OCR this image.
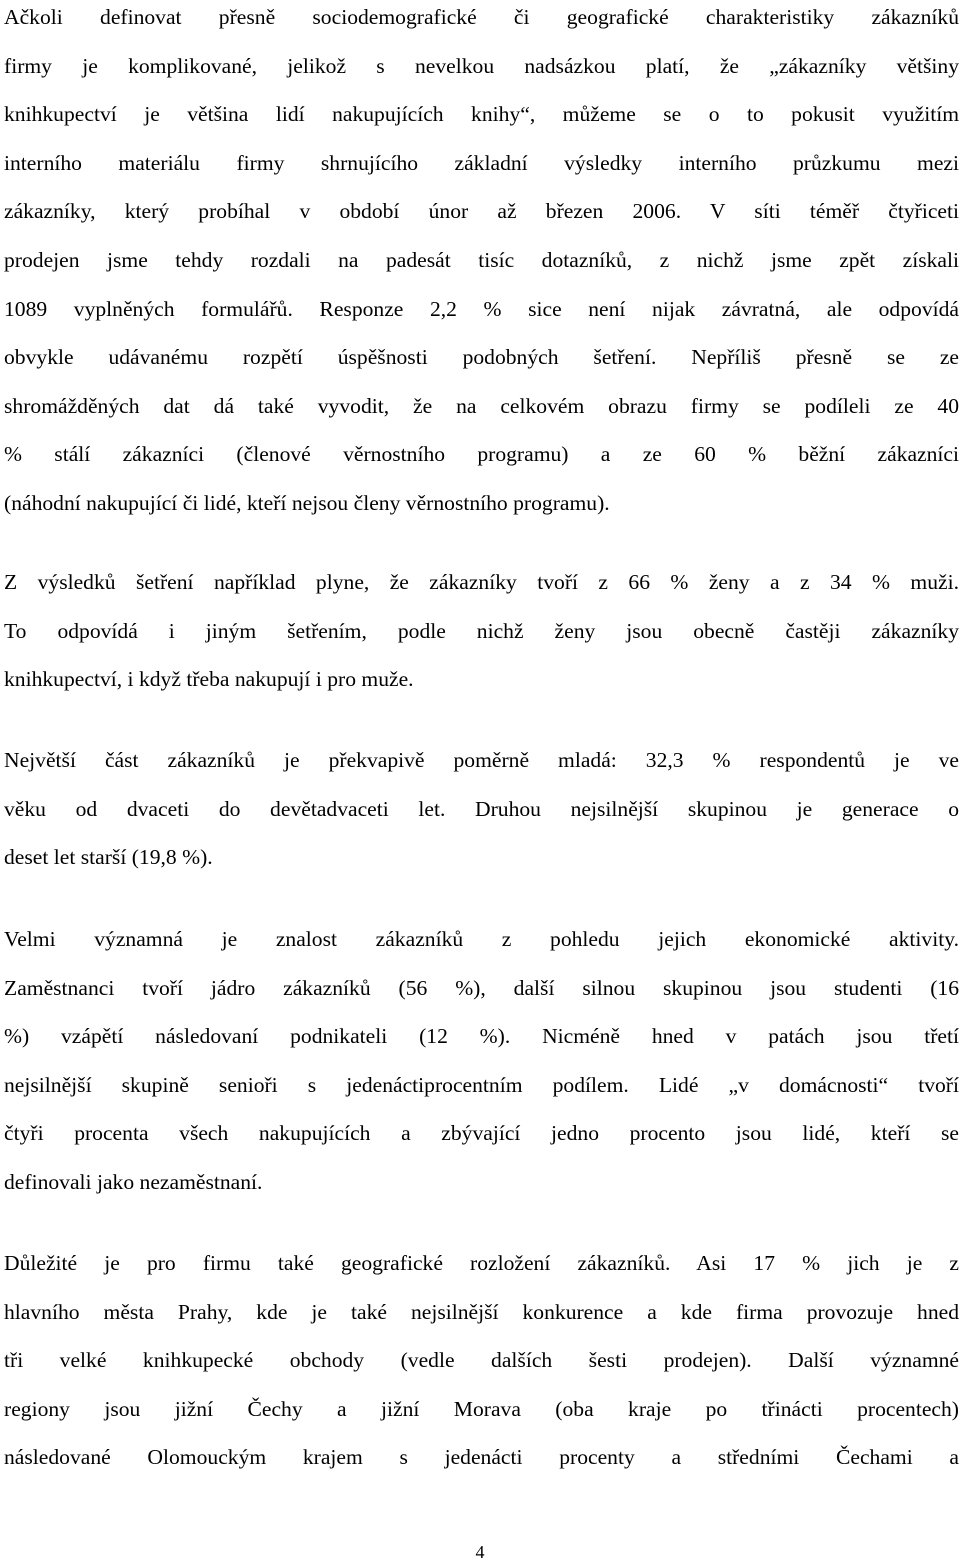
Ačkoli definovat přesně sociodemografické či geografické charakteristiky zákazníků
firmy je komplikované, jelikož s nevelkou nadsázkou platí, že „zákazníky většiny
knihkupectví je většina lidí nakupujících knihy“, můžeme se o to pokusit využitím
interního materiálu firmy shrnujícího základní výsledky interního průzkumu mezi
zákazníky, který probíhal v období únor až březen 2006. V síti téměř čtyřiceti
prodejen jsme tehdy rozdali na padesát tisíc dotazníků, z nichž jsme zpět získali
1089 vyplněných formulářů. Responze 2,2 % sice není nijak závratná, ale odpovídá
obvykle udávanému rozpětí úspěšnosti podobných šetření. Nepříliš přesně se ze
shromážděných dat dá také vyvodit, že na celkovém obrazu firmy se podíleli ze 40
% stálí zákazníci (členové věrnostního programu) a ze 60 % běžní zákazníci
(náhodní nakupující či lidé, kteří nejsou členy věrnostního programu).
Z výsledků šetření například plyne, že zákazníky tvoří z 66 % ženy a z 34 % muži.
To odpovídá i jiným šetřením, podle nichž ženy jsou obecně častěji zákazníky
knihkupectví, i když třeba nakupují i pro muže.
Největší část zákazníků je překvapivě poměrně mladá: 32,3 % respondentů je ve
věku od dvaceti do devětadvaceti let. Druhou nejsilnější skupinou je generace o
deset let starší (19,8 %).
Velmi významná je znalost zákazníků z pohledu jejich ekonomické aktivity.
Zaměstnanci tvoří jádro zákazníků (56 %), další silnou skupinou jsou studenti (16
%) vzápětí následovaní podnikateli (12 %). Nicméně hned v patách jsou třetí
nejsilnější skupině senioři s jedenáctiprocentním podílem. Lidé „v domácnosti“ tvoří
čtyři procenta všech nakupujících a zbývající jedno procento jsou lidé, kteří se
definovali jako nezaměstnaní.
Důležité je pro firmu také geografické rozložení zákazníků. Asi 17 % jich je z
hlavního města Prahy, kde je také nejsilnější konkurence a kde firma provozuje hned
tři velké knihkupecké obchody (vedle dalších šesti prodejen). Další významné
regiony jsou jižní Čechy a jižní Morava (oba kraje po třinácti procentech)
následované Olomouckým krajem s jedenácti procenty a středními Čechami a
4
